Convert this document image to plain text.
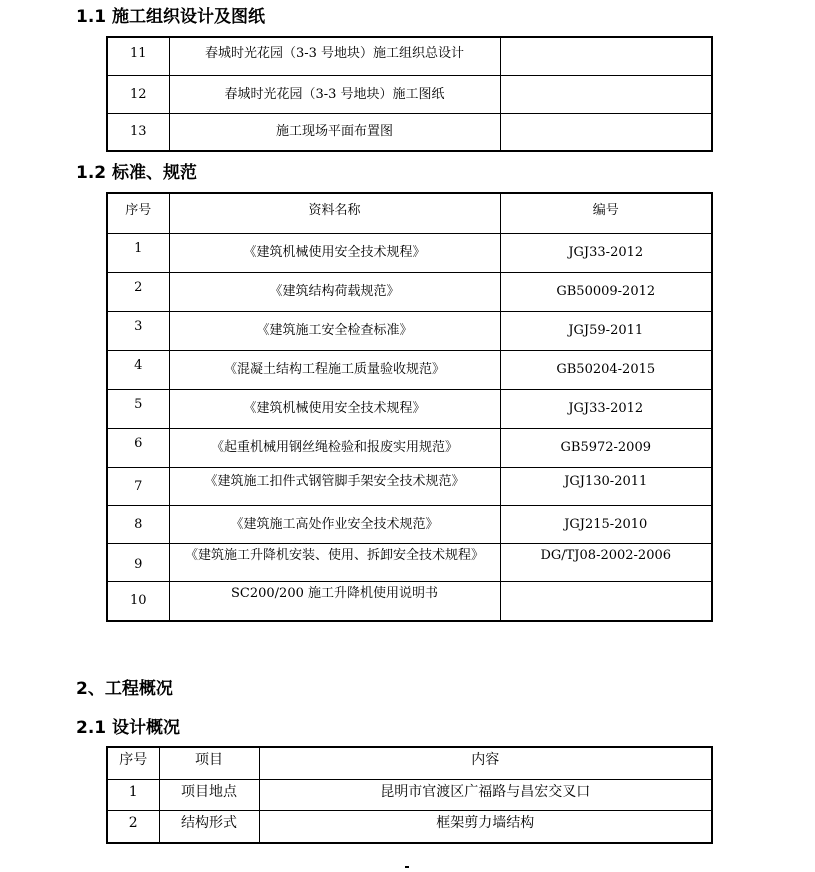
1.1 施工组织设计及图纸
11	春城时光花园（3-3 号地块）施工组织总设计	
12	春城时光花园（3-3 号地块）施工图纸	
13	施工现场平面布置图	
1.2 标准、规范
序号	资料名称	编号
1	《建筑机械使用安全技术规程》	JGJ33-2012
2	《建筑结构荷载规范》	GB50009-2012
3	《建筑施工安全检查标准》	JGJ59-2011
4	《混凝土结构工程施工质量验收规范》	GB50204-2015
5	《建筑机械使用安全技术规程》	JGJ33-2012
6	《起重机械用钢丝绳检验和报废实用规范》	GB5972-2009
7	《建筑施工扣件式钢管脚手架安全技术规范》	JGJ130-2011
8	《建筑施工高处作业安全技术规范》	JGJ215-2010
9	《建筑施工升降机安装、使用、拆卸安全技术规程》	DG/TJ08-2002-2006
10	SC200/200 施工升降机使用说明书	
2、工程概况
2.1 设计概况
序号	项目	内容
1	项目地点	昆明市官渡区广福路与昌宏交叉口
2	结构形式	框架剪力墙结构
